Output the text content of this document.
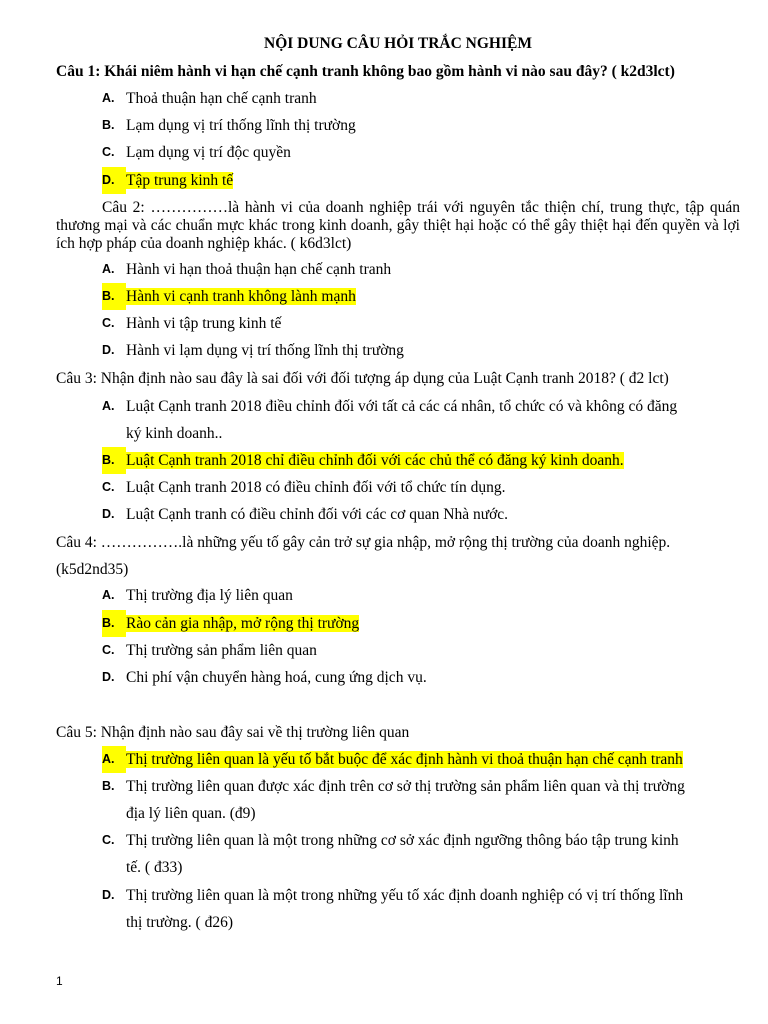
NỘI DUNG CÂU HỎI TRẮC NGHIỆM
Câu 1: Khái niêm hành vi hạn chế cạnh tranh không bao gồm hành vi nào sau đây? ( k2d3lct)
A. Thoả thuận hạn chế cạnh tranh
B. Lạm dụng vị trí thống lĩnh thị trường
C. Lạm dụng vị trí độc quyền
D. Tập trung kinh tế
Câu 2: ……………là hành vi của doanh nghiệp trái với nguyên tắc thiện chí, trung thực, tập quán thương mại và các chuẩn mực khác trong kinh doanh, gây thiệt hại hoặc có thể gây thiệt hại đến quyền và lợi ích hợp pháp của doanh nghiệp khác. ( k6d3lct)
A. Hành vi hạn thoả thuận hạn chế cạnh tranh
B. Hành vi cạnh tranh không lành mạnh
C. Hành vi tập trung kinh tế
D. Hành vi lạm dụng vị trí thống lĩnh thị trường
Câu 3: Nhận định nào sau đây là sai đối với đối tượng áp dụng của Luật Cạnh tranh 2018? ( đ2 lct)
A. Luật Cạnh tranh 2018 điều chỉnh đối với tất cả các cá nhân, tổ chức có và không có đăng
ký kinh doanh..
B. Luật Cạnh tranh 2018 chỉ điều chỉnh đối với các chủ thể có đăng ký kinh doanh.
C. Luật Cạnh tranh 2018 có điều chỉnh đối với tổ chức tín dụng.
D. Luật Cạnh tranh có điều chỉnh đối với các cơ quan Nhà nước.
Câu 4: …………….là những yếu tố gây cản trở sự gia nhập, mở rộng thị trường của doanh nghiệp.
(k5d2nd35)
A. Thị trường địa lý liên quan
B. Rào cản gia nhập, mở rộng thị trường
C. Thị trường sản phẩm liên quan
D. Chi phí vận chuyển hàng hoá, cung ứng dịch vụ.
Câu 5: Nhận định nào sau đây sai về thị trường liên quan
A. Thị trường liên quan là yếu tố bắt buộc để xác định hành vi thoả thuận hạn chế cạnh tranh
B. Thị trường liên quan được xác định trên cơ sở thị trường sản phẩm liên quan và thị trường
địa lý liên quan. (đ9)
C. Thị trường liên quan là một trong những cơ sở xác định ngưỡng thông báo tập trung kinh
tế. ( đ33)
D. Thị trường liên quan là một trong những yếu tố xác định doanh nghiệp có vị trí thống lĩnh
thị trường. ( đ26)
1
